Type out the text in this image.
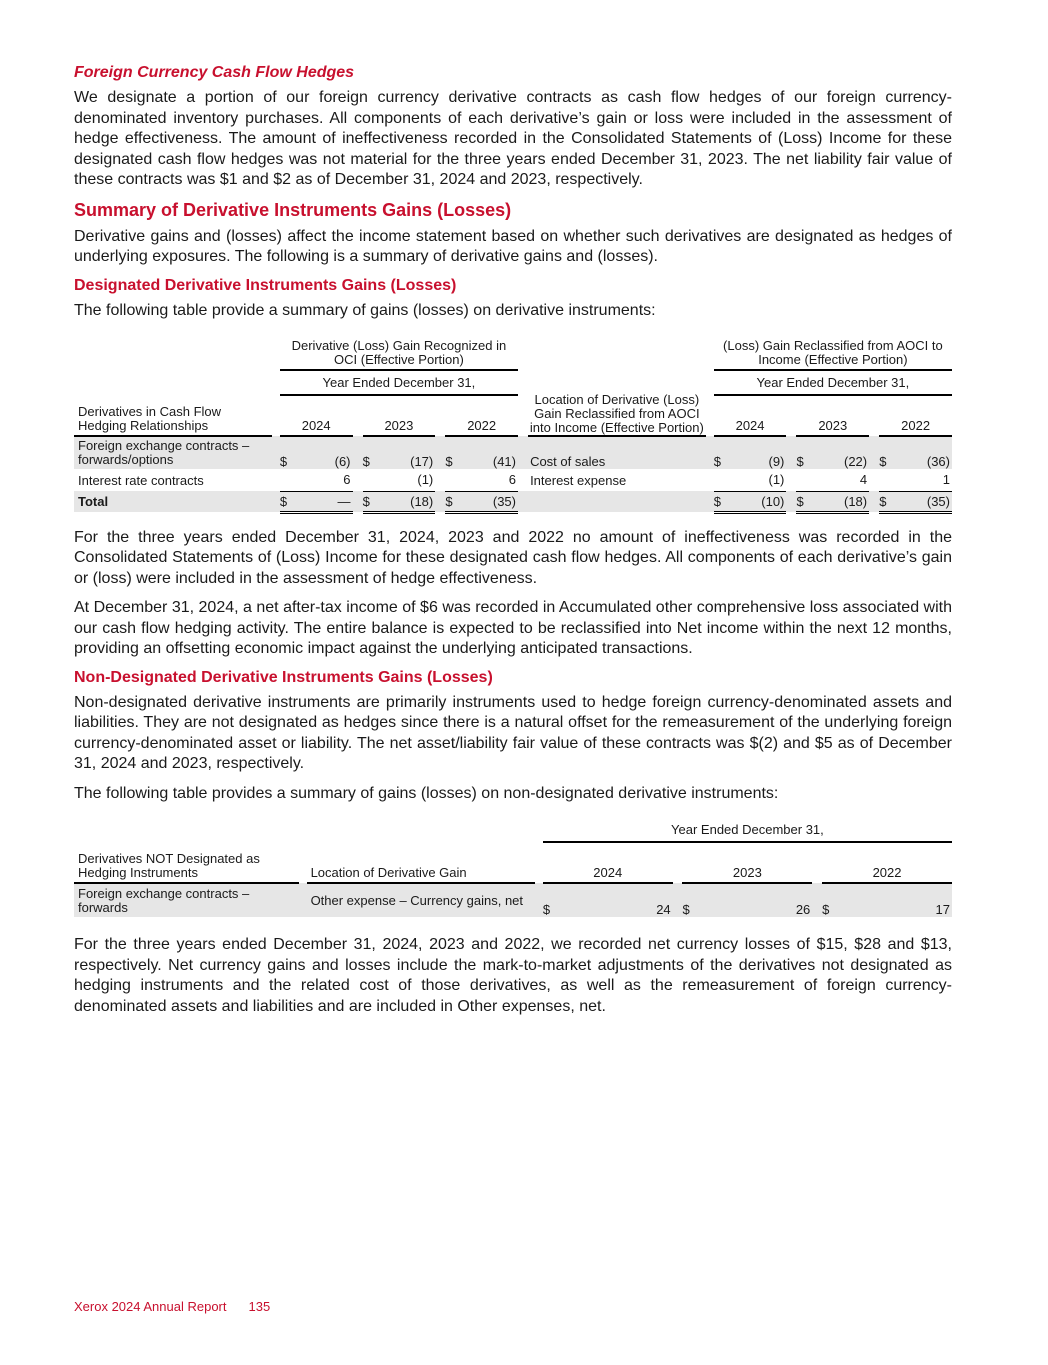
Foreign Currency Cash Flow Hedges

We designate a portion of our foreign currency derivative contracts as cash flow hedges of our foreign currency-denominated inventory purchases. All components of each derivative’s gain or loss were included in the assessment of hedge effectiveness. The amount of ineffectiveness recorded in the Consolidated Statements of (Loss) Income for these designated cash flow hedges was not material for the three years ended December 31, 2023. The net liability fair value of these contracts was $1 and $2 as of December 31, 2024 and 2023, respectively.

Summary of Derivative Instruments Gains (Losses)

Derivative gains and (losses) affect the income statement based on whether such derivatives are designated as hedges of underlying exposures. The following is a summary of derivative gains and (losses).

Designated Derivative Instruments Gains (Losses)

The following table provide a summary of gains (losses) on derivative instruments:

		Derivative (Loss) Gain Recognized in OCI (Effective Portion)									Location of Derivative (Loss) Gain Reclassified from AOCI into Income (Effective Portion)		(Loss) Gain Reclassified from AOCI to Income (Effective Portion)							
		Year Ended December 31,											Year Ended December 31,							
Derivatives in Cash Flow Hedging Relationships		2024			2023			2022					2024			2023			2022	
Foreign exchange contracts – forwards/options		$	(6)		$	(17)		$	(41)		Cost of sales		$	(9)		$	(22)		$	(36)
Interest rate contracts			6			(1)			6		Interest expense			(1)			4			1
Total		$	—		$	(18)		$	(35)				$	(10)		$	(18)		$	(35)

For the three years ended December 31, 2024, 2023 and 2022 no amount of ineffectiveness was recorded in the Consolidated Statements of (Loss) Income for these designated cash flow hedges. All components of each derivative’s gain or (loss) were included in the assessment of hedge effectiveness.

At December 31, 2024, a net after-tax income of $6 was recorded in Accumulated other comprehensive loss associated with our cash flow hedging activity. The entire balance is expected to be reclassified into Net income within the next 12 months, providing an offsetting economic impact against the underlying anticipated transactions.

Non-Designated Derivative Instruments Gains (Losses)

Non-designated derivative instruments are primarily instruments used to hedge foreign currency-denominated assets and liabilities. They are not designated as hedges since there is a natural offset for the remeasurement of the underlying foreign currency-denominated asset or liability. The net asset/liability fair value of these contracts was $(2) and $5 as of December 31, 2024 and 2023, respectively.

The following table provides a summary of gains (losses) on non-designated derivative instruments:

				Year Ended December 31,							
Derivatives NOT Designated as Hedging Instruments		Location of Derivative Gain		2024			2023			2022	
Foreign exchange contracts – forwards		Other expense – Currency gains, net		$	24		$	26		$	17

For the three years ended December 31, 2024, 2023 and 2022, we recorded net currency losses of $15, $28 and $13, respectively. Net currency gains and losses include the mark-to-market adjustments of the derivatives not designated as hedging instruments and the related cost of those derivatives, as well as the remeasurement of foreign currency-denominated assets and liabilities and are included in Other expenses, net.

Xerox 2024 Annual Report 135
